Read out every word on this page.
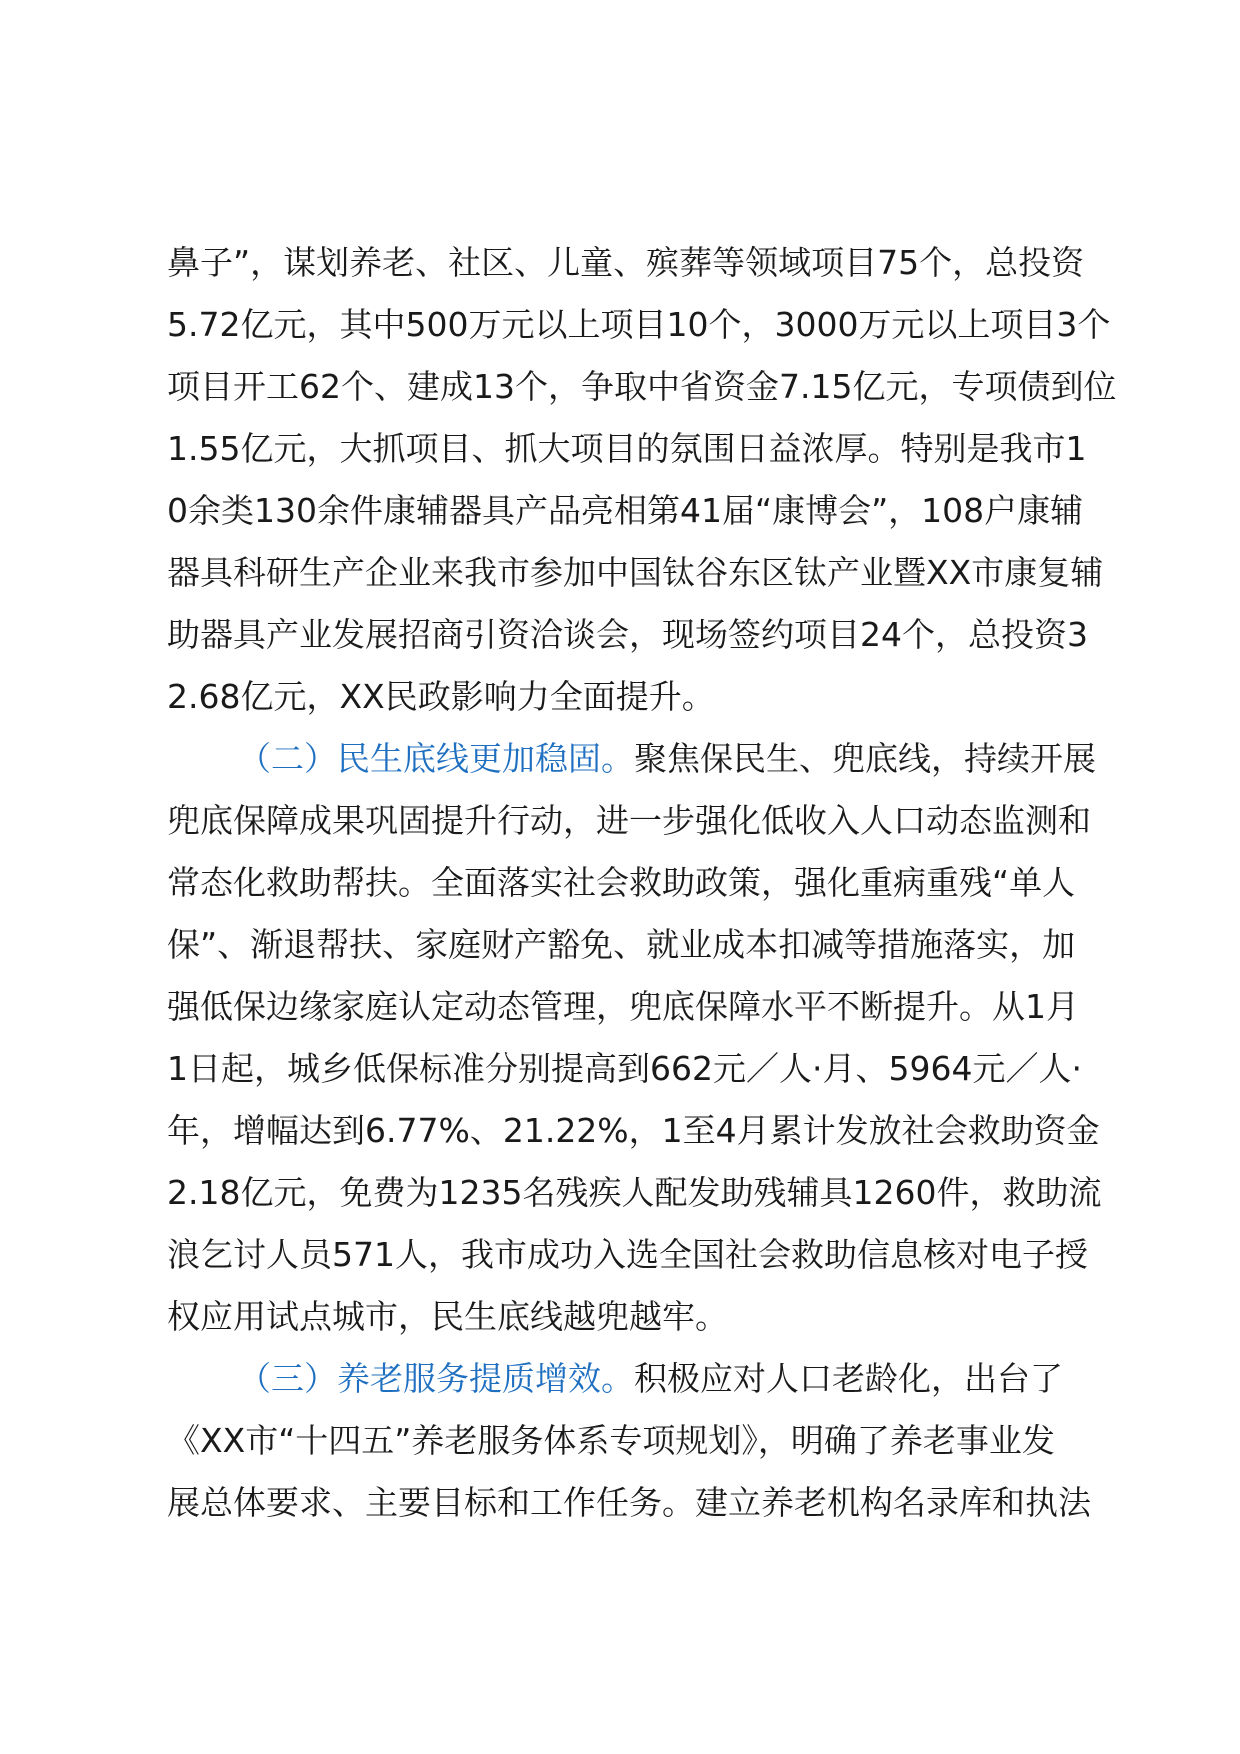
鼻子”，谋划养老、社区、儿童、殡葬等领域项目75个，总投资
5.72亿元，其中500万元以上项目10个，3000万元以上项目3个
项目开工62个、建成13个，争取中省资金7.15亿元，专项债到位
1.55亿元，大抓项目、抓大项目的氛围日益浓厚。特别是我市1
0余类130余件康辅器具产品亮相第41届“康博会”，108户康辅
器具科研生产企业来我市参加中国钛谷东区钛产业暨XX市康复辅
助器具产业发展招商引资洽谈会，现场签约项目24个，总投资3
2.68亿元，XX民政影响力全面提升。
（二）民生底线更加稳固。聚焦保民生、兜底线，持续开展
兜底保障成果巩固提升行动，进一步强化低收入人口动态监测和
常态化救助帮扶。全面落实社会救助政策，强化重病重残“单人
保”、渐退帮扶、家庭财产豁免、就业成本扣减等措施落实，加
强低保边缘家庭认定动态管理，兜底保障水平不断提升。从1月
1日起，城乡低保标准分别提高到662元／人·月、5964元／人·
年，增幅达到6.77%、21.22%，1至4月累计发放社会救助资金
2.18亿元，免费为1235名残疾人配发助残辅具1260件，救助流
浪乞讨人员571人，我市成功入选全国社会救助信息核对电子授
权应用试点城市，民生底线越兜越牢。
（三）养老服务提质增效。积极应对人口老龄化，出台了
《XX市“十四五”养老服务体系专项规划》，明确了养老事业发
展总体要求、主要目标和工作任务。建立养老机构名录库和执法
